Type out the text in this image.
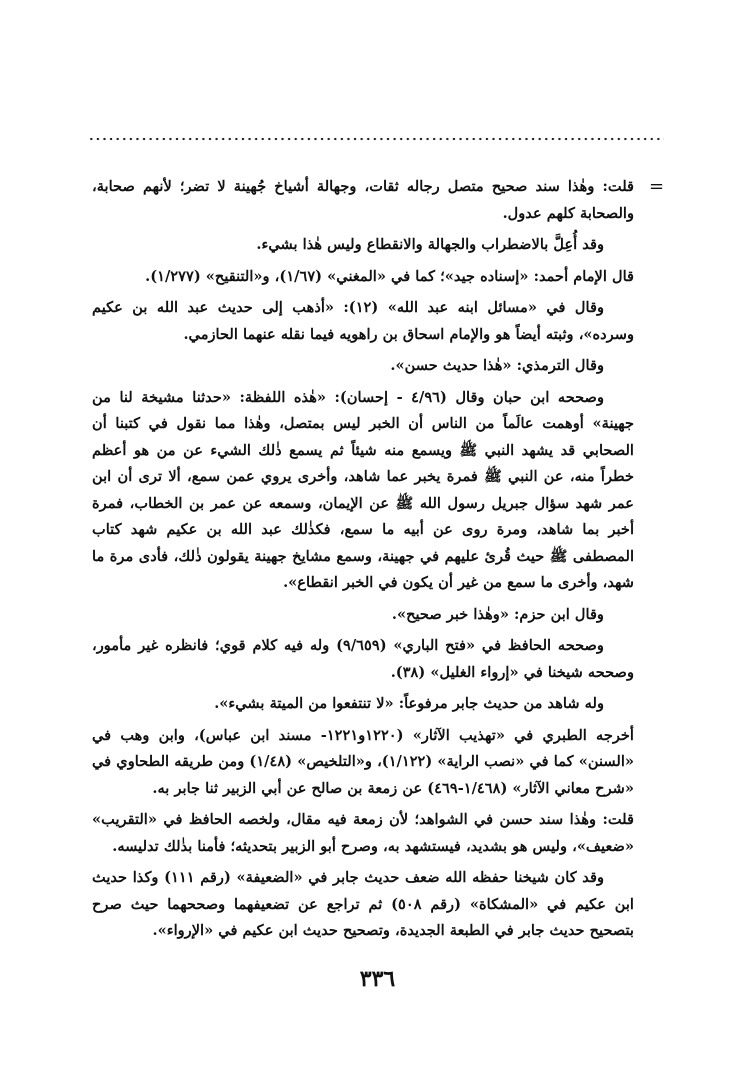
=

قلت: وهٰذا سند صحيح متصل رجاله ثقات، وجهالة أشياخ جُهينة لا تضر؛ لأنهم صحابة، والصحابة كلهم عدول.

وقد أُعِلَّ بالاضطراب والجهالة والانقطاع وليس هٰذا بشيء.

قال الإمام أحمد: «إسناده جيد»؛ كما في «المغني» (١/٦٧)، و«التنقيح» (١/٢٧٧).

وقال في «مسائل ابنه عبد الله» (١٢): «أذهب إلى حديث عبد الله بن عكيم وسرده»، وثبته أيضاً هو والإمام اسحاق بن راهويه فيما نقله عنهما الحازمي.

وقال الترمذي: «هٰذا حديث حسن».

وصححه ابن حبان وقال (٤/٩٦ - إحسان): «هٰذه اللفظة: «حدثنا مشيخة لنا من جهينة» أوهمت عالَماً من الناس أن الخبر ليس بمتصل، وهٰذا مما نقول في كتبنا أن الصحابي قد يشهد النبي ﷺ ويسمع منه شيئاً ثم يسمع ذٰلك الشيء عن من هو أعظم خطراً منه، عن النبي ﷺ فمرة يخبر عما شاهد، وأخرى يروي عمن سمع، ألا ترى أن ابن عمر شهد سؤال جبريل رسول الله ﷺ عن الإيمان، وسمعه عن عمر بن الخطاب، فمرة أخبر بما شاهد، ومرة روى عن أبيه ما سمع، فكذٰلك عبد الله بن عكيم شهد كتاب المصطفى ﷺ حيث قُرئ عليهم في جهينة، وسمع مشايخ جهينة يقولون ذٰلك، فأدى مرة ما شهد، وأخرى ما سمع من غير أن يكون في الخبر انقطاع».

وقال ابن حزم: «وهٰذا خبر صحيح».

وصححه الحافظ في «فتح الباري» (٩/٦٥٩) وله فيه كلام قوي؛ فانظره غير مأمور، وصححه شيخنا في «إرواء الغليل» (٣٨).

وله شاهد من حديث جابر مرفوعاً: «لا تنتفعوا من الميتة بشيء».

أخرجه الطبري في «تهذيب الآثار» (١٢٢٠و١٢٢١- مسند ابن عباس)، وابن وهب في «السنن» كما في «نصب الراية» (١/١٢٢)، و«التلخيص» (١/٤٨) ومن طريقه الطحاوي في «شرح معاني الآثار» (١/٤٦٨-٤٦٩) عن زمعة بن صالح عن أبي الزبير ثنا جابر به.

قلت: وهٰذا سند حسن في الشواهد؛ لأن زمعة فيه مقال، ولخصه الحافظ في «التقريب» «ضعيف»، وليس هو بشديد، فيستشهد به، وصرح أبو الزبير بتحديثه؛ فأمنا بذٰلك تدليسه.

وقد كان شيخنا حفظه الله ضعف حديث جابر في «الضعيفة» (رقم ١١١) وكذا حديث ابن عكيم في «المشكاة» (رقم ٥٠٨) ثم تراجع عن تضعيفهما وصححهما حيث صرح بتصحيح حديث جابر في الطبعة الجديدة، وتصحيح حديث ابن عكيم في «الإرواء».

٣٣٦
